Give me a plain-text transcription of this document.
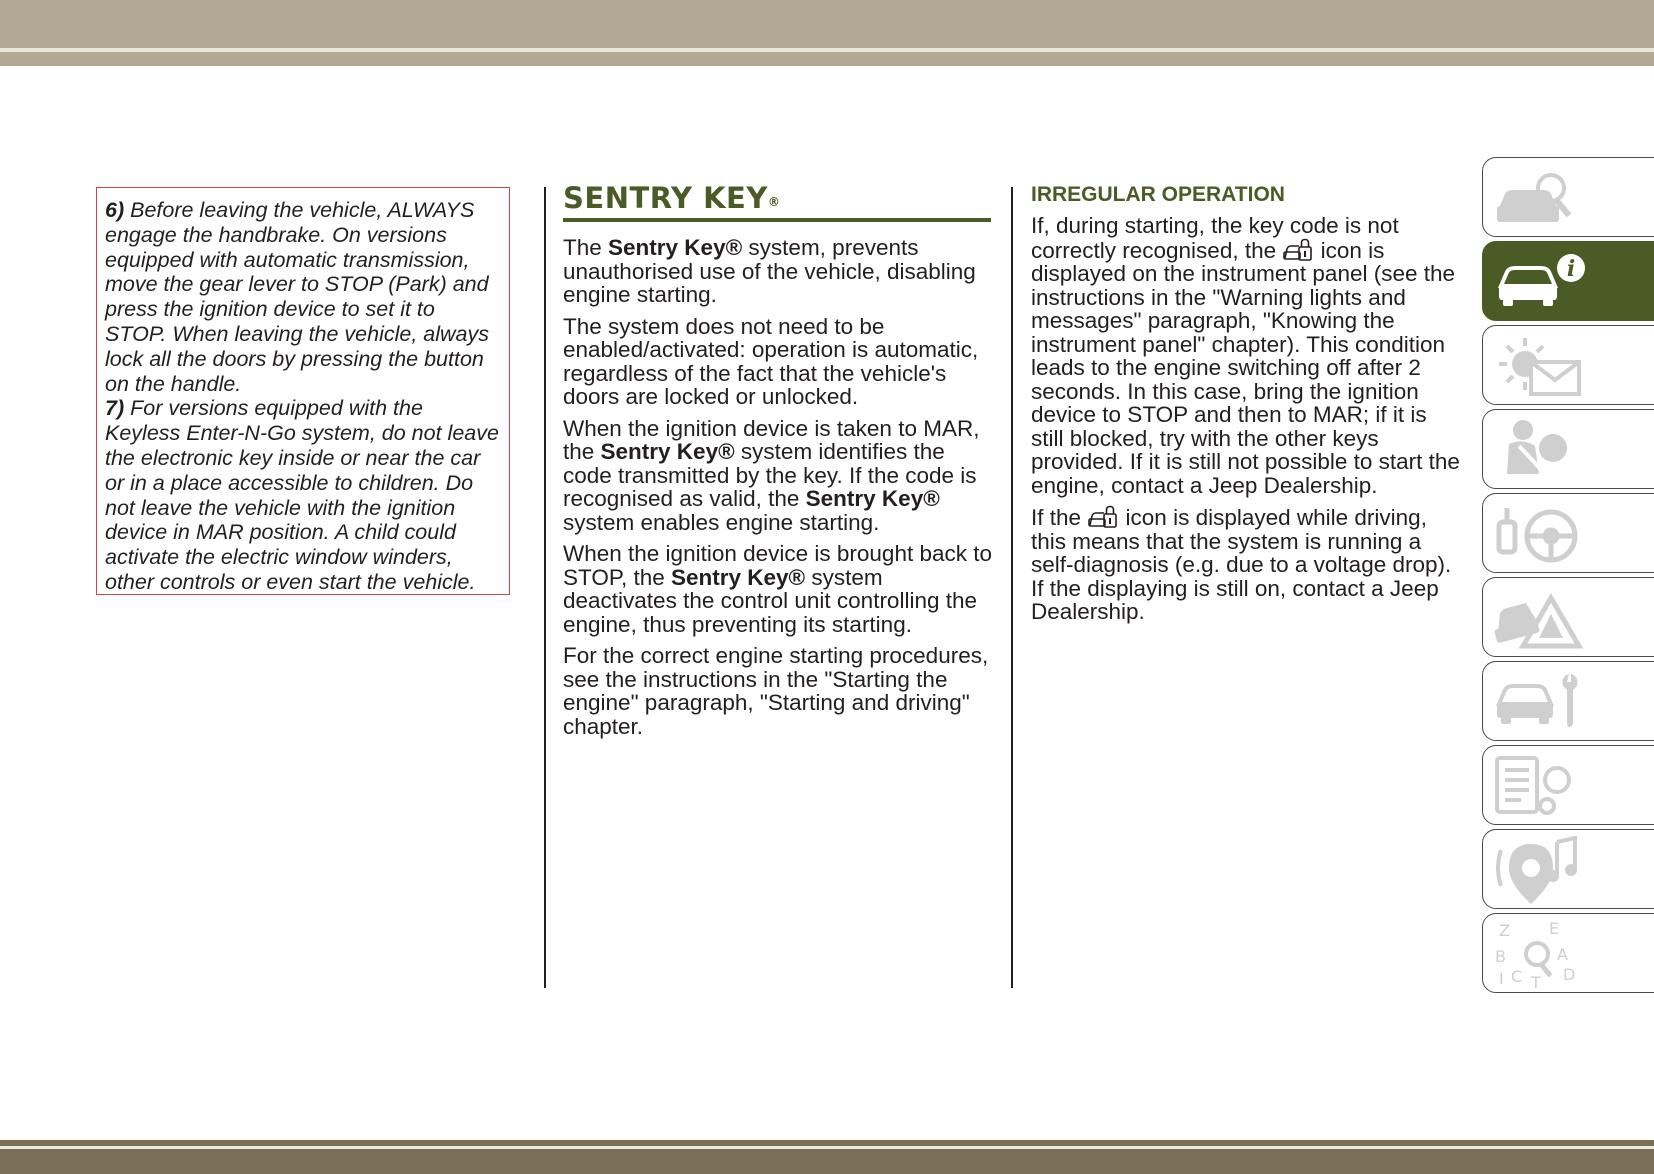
6) Before leaving the vehicle, ALWAYS engage the handbrake. On versions equipped with automatic transmission, move the gear lever to STOP (Park) and press the ignition device to set it to STOP. When leaving the vehicle, always lock all the doors by pressing the button on the handle.

7) For versions equipped with the Keyless Enter-N-Go system, do not leave the electronic key inside or near the car or in a place accessible to children. Do not leave the vehicle with the ignition device in MAR position. A child could activate the electric window winders, other controls or even start the vehicle.

SENTRY KEY®

The Sentry Key® system, prevents unauthorised use of the vehicle, disabling engine starting.

The system does not need to be enabled/activated: operation is automatic, regardless of the fact that the vehicle's doors are locked or unlocked.

When the ignition device is taken to MAR, the Sentry Key® system identifies the code transmitted by the key. If the code is recognised as valid, the Sentry Key® system enables engine starting.

When the ignition device is brought back to STOP, the Sentry Key® system deactivates the control unit controlling the engine, thus preventing its starting.

For the correct engine starting procedures, see the instructions in the "Starting the engine" paragraph, "Starting and driving" chapter.

IRREGULAR OPERATION

If, during starting, the key code is not correctly recognised, the  icon is displayed on the instrument panel (see the instructions in the "Warning lights and messages" paragraph, "Knowing the instrument panel" chapter). This condition leads to the engine switching off after 2 seconds. In this case, bring the ignition device to STOP and then to MAR; if it is still blocked, try with the other keys provided. If it is still not possible to start the engine, contact a Jeep Dealership.

If the  icon is displayed while driving, this means that the system is running a self-diagnosis (e.g. due to a voltage drop). If the displaying is still on, contact a Jeep Dealership.

i
Z E
B	A
I C T D
